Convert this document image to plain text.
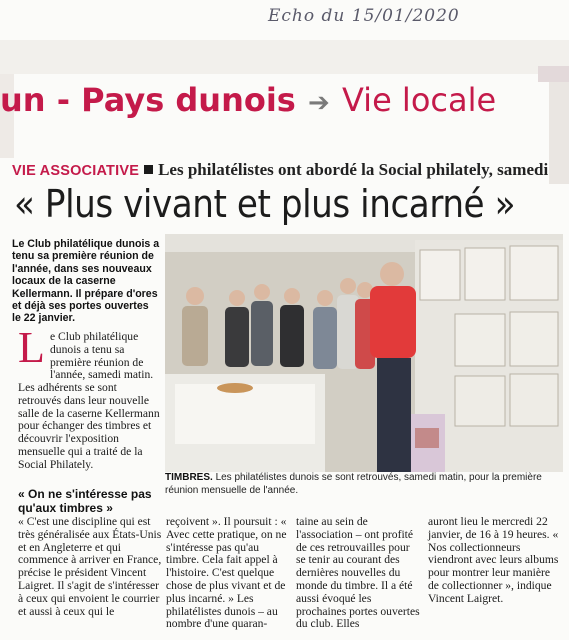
Echo du 15/01/2020
un - Pays dunois ➔ Vie locale
VIE ASSOCIATIVE Les philatélistes ont abordé la Social philately, samedi
« Plus vivant et plus incarné »
Le Club philatélique dunois a tenu sa première réunion de l'année, dans ses nouveaux locaux de la caserne Kellermann. Il prépare d'ores et déjà ses portes ouvertes le 22 janvier.
TIMBRES. Les philatélistes dunois se sont retrouvés, samedi matin, pour la première réunion mensuelle de l'année.
L e Club philatélique dunois a tenu sa première réunion de l'année, samedi matin.
Les adhérents se sont retrouvés dans leur nouvelle salle de la caserne Kellermann pour échanger des timbres et découvrir l'exposition mensuelle qui a traité de la Social Philately.
« On ne s'intéresse pas qu'aux timbres »
« C'est une discipline qui est très généralisée aux États-Unis et en Angleterre et qui commence à arriver en France, précise le président Vincent Laigret. Il s'agit de s'intéresser à ceux qui envoient le courrier et aussi à ceux qui le
reçoivent ». Il poursuit : « Avec cette pratique, on ne s'intéresse pas qu'au timbre. Cela fait appel à l'histoire. C'est quelque chose de plus vivant et de plus incarné. » Les philatélistes dunois – au nombre d'une quaran-
taine au sein de l'association – ont profité de ces retrouvailles pour se tenir au courant des dernières nouvelles du monde du timbre. Il a été aussi évoqué les prochaines portes ouvertes du club. Elles
auront lieu le mercredi 22 janvier, de 16 à 19 heures. « Nos collectionneurs viendront avec leurs albums pour montrer leur manière de collectionner », indique Vincent Laigret.
